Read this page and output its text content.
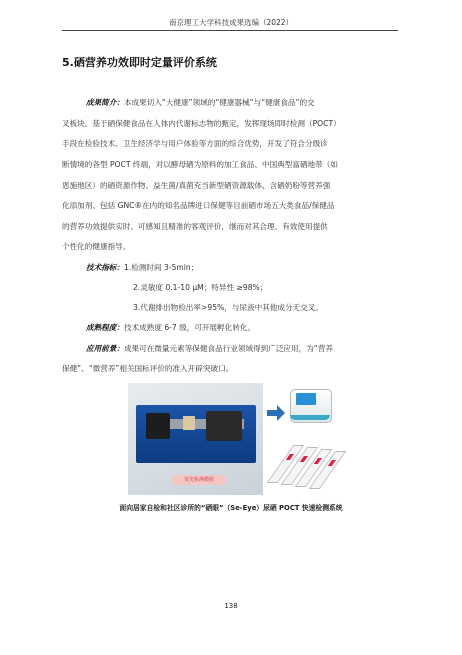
南京理工大学科技成果选编（2022）
5.硒营养功效即时定量评价系统
成果简介：本成果切入“大健康”领域的“健康器械”与“健康食品”的交
叉板块。基于硒保健食品在人体内代谢标志物的甄定，发挥现场即时检测（POCT）
手段在检验技术、卫生经济学与用户体验等方面的综合优势，开发了符合分级诊
断情境的各型 POCT 终端，对以酵母硒为原料的加工食品、中国典型富硒地带（如
恩施地区）的硒资源作物、益生菌/真菌充当新型硒资源载体、含硒奶粉等营养强
化添加剂、包括 GNC®在内的知名品牌进口保健等目前硒市场五大类食品/保健品
的营养功效提供实时、可感知且精准的客观评价，继而对其合理、有效使用提供
个性化的健康指导。
技术指标：1.检测时间 3-5min；
2.灵敏度 0.1-10 μM；特异性 ≥98%；
3.代谢排出物检出率>95%，与尿液中其他成分无交叉。
成熟程度：技术成熟度 6-7 级，可开展孵化转化。
应用前景：成果可在微量元素等保健食品行业领域得到广泛应用，为“营养
保健”、“微营养”相关国标评价的准入开辟突破口。
荧光检测模组
面向居家自检和社区诊所的“硒眼”（Se-Eye）尿硒 POCT 快速检测系统
138
